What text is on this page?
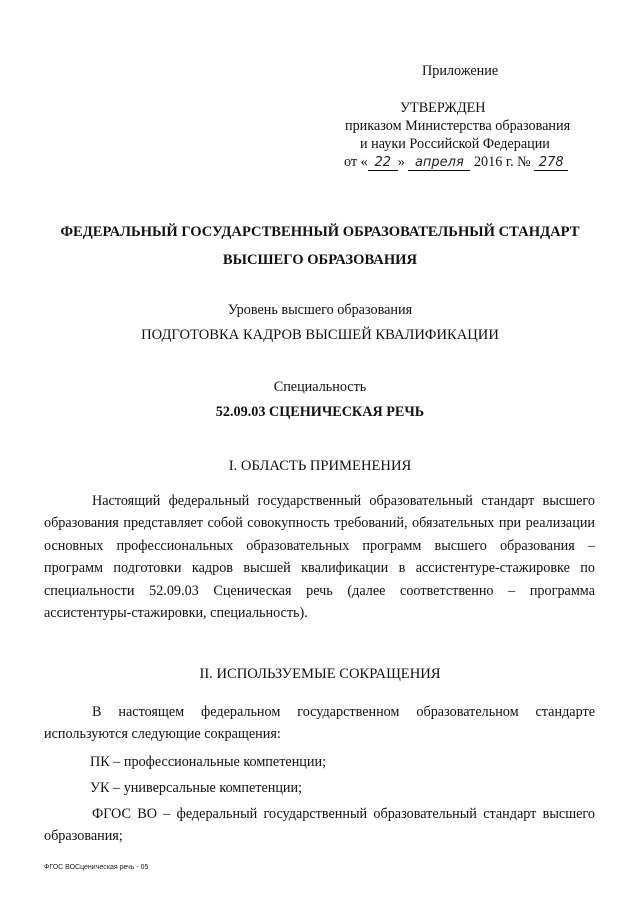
Приложение
УТВЕРЖДЕН
приказом Министерства образования
и науки Российской Федерации
от « 22 » апреля 2016 г. № 278
ФЕДЕРАЛЬНЫЙ ГОСУДАРСТВЕННЫЙ ОБРАЗОВАТЕЛЬНЫЙ СТАНДАРТ
ВЫСШЕГО ОБРАЗОВАНИЯ
Уровень высшего образования
ПОДГОТОВКА КАДРОВ ВЫСШЕЙ КВАЛИФИКАЦИИ
Специальность
52.09.03 СЦЕНИЧЕСКАЯ РЕЧЬ
I. ОБЛАСТЬ ПРИМЕНЕНИЯ
Настоящий федеральный государственный образовательный стандарт высшего образования представляет собой совокупность требований, обязательных при реализации основных профессиональных образовательных программ высшего образования – программ подготовки кадров высшей квалификации в ассистентуре-стажировке по специальности 52.09.03 Сценическая речь (далее соответственно – программа ассистентуры-стажировки, специальность).
II. ИСПОЛЬЗУЕМЫЕ СОКРАЩЕНИЯ
В настоящем федеральном государственном образовательном стандарте используются следующие сокращения:
ПК – профессиональные компетенции;
УК – универсальные компетенции;
ФГОС ВО – федеральный государственный образовательный стандарт высшего образования;
ФГОС ВОСценическая речь - 05
